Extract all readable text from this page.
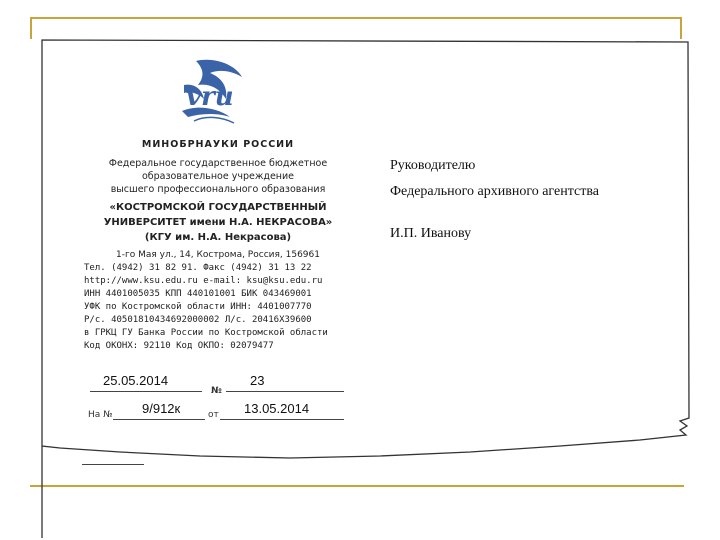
vru
МИНОБРНАУКИ РОССИИ
Федеральное государственное бюджетное
образовательное учреждение
высшего профессионального образования
«КОСТРОМСКОЙ ГОСУДАРСТВЕННЫЙ
УНИВЕРСИТЕТ имени Н.А. НЕКРАСОВА»
(КГУ им. Н.А. Некрасова)
1-го Мая ул., 14, Кострома, Россия, 156961
Тел. (4942) 31 82 91. Факс (4942) 31 13 22
http://www.ksu.edu.ru e-mail: ksu@ksu.edu.ru
ИНН 4401005035 КПП 440101001 БИК 043469001
УФК по Костромской области ИНН: 4401007770
Р/с. 40501810434692000002 Л/с. 20416Х39600
в ГРКЦ ГУ Банка России по Костромской области
Код ОКОНХ: 92110 Код ОКПО: 02079477
25.05.2014
№
23
На № 9/912к	от 13.05.2014
Руководителю
Федерального архивного агентства
И.П. Иванову
